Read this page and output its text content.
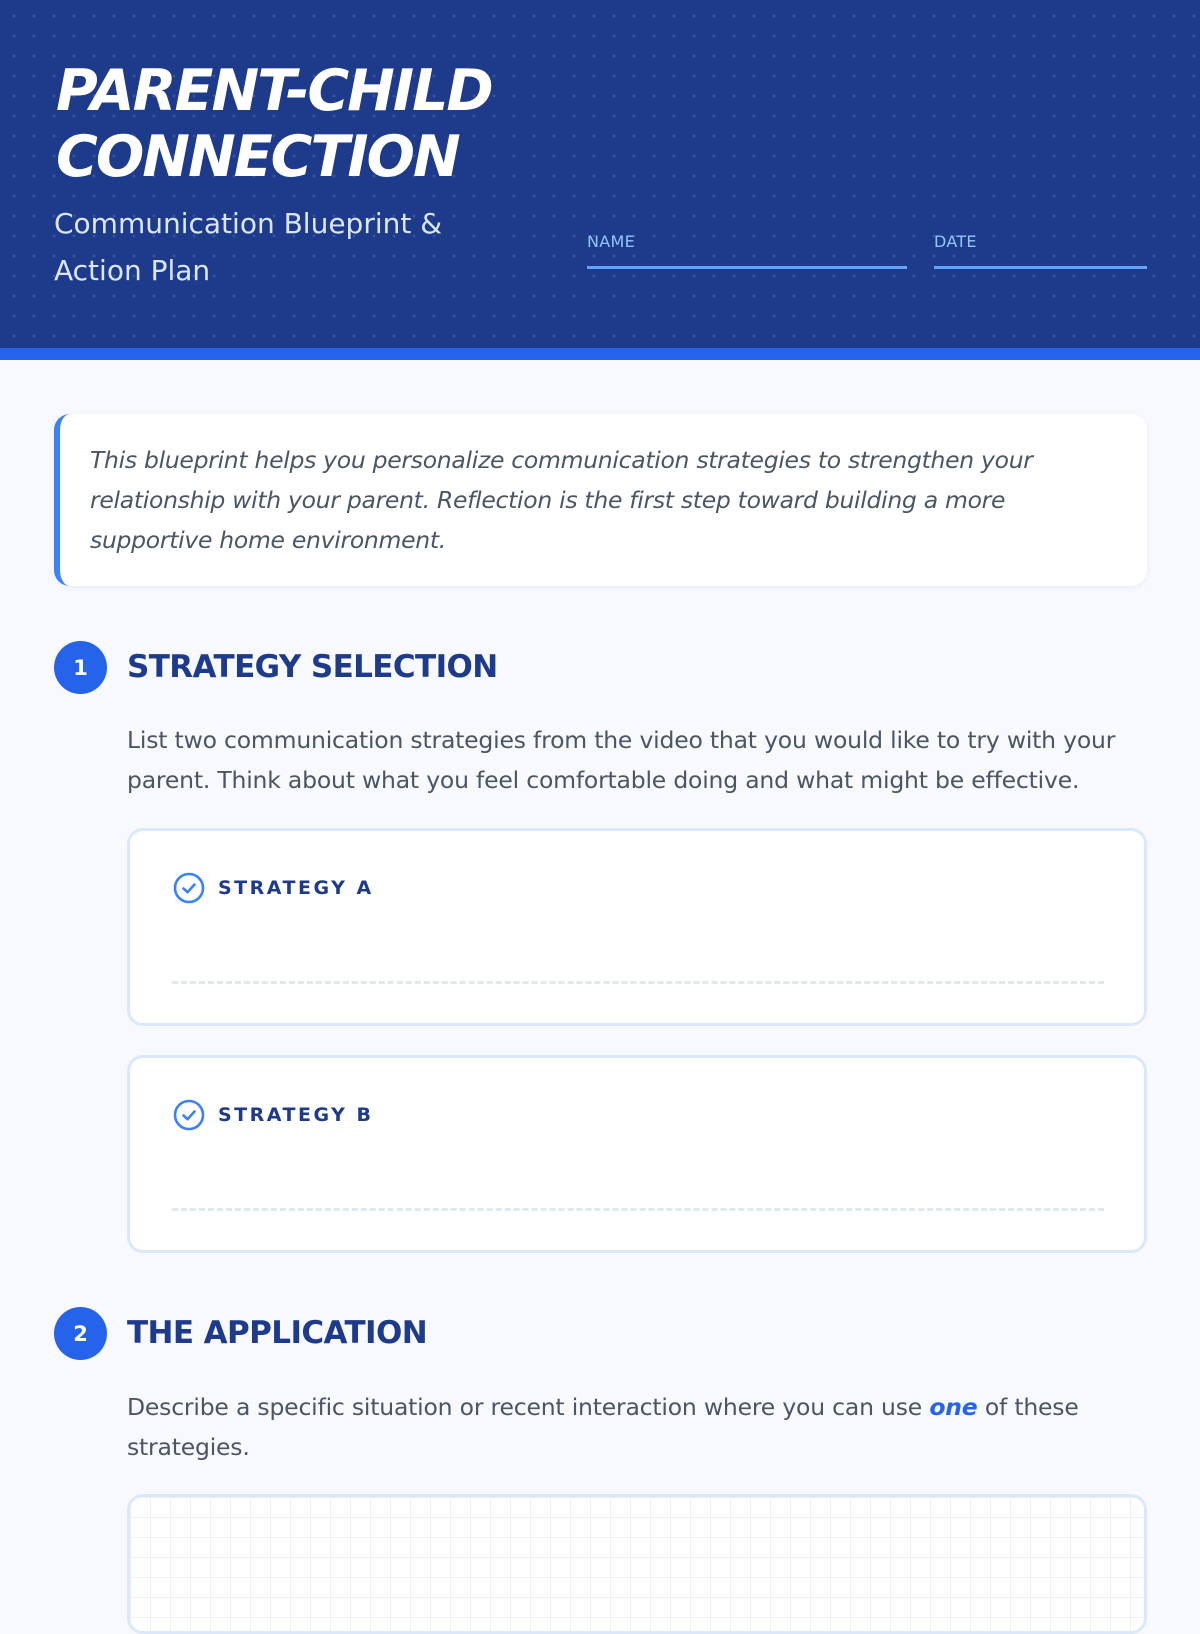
PARENT-CHILD
CONNECTION
Communication Blueprint & Action Plan
NAME	DATE

This blueprint helps you personalize communication strategies to strengthen your relationship with your parent. Reflection is the first step toward building a more supportive home environment.

1	STRATEGY SELECTION

List two communication strategies from the video that you would like to try with your parent. Think about what you feel comfortable doing and what might be effective.

STRATEGY A
STRATEGY B
2	THE APPLICATION

Describe a specific situation or recent interaction where you can use one of these strategies.
